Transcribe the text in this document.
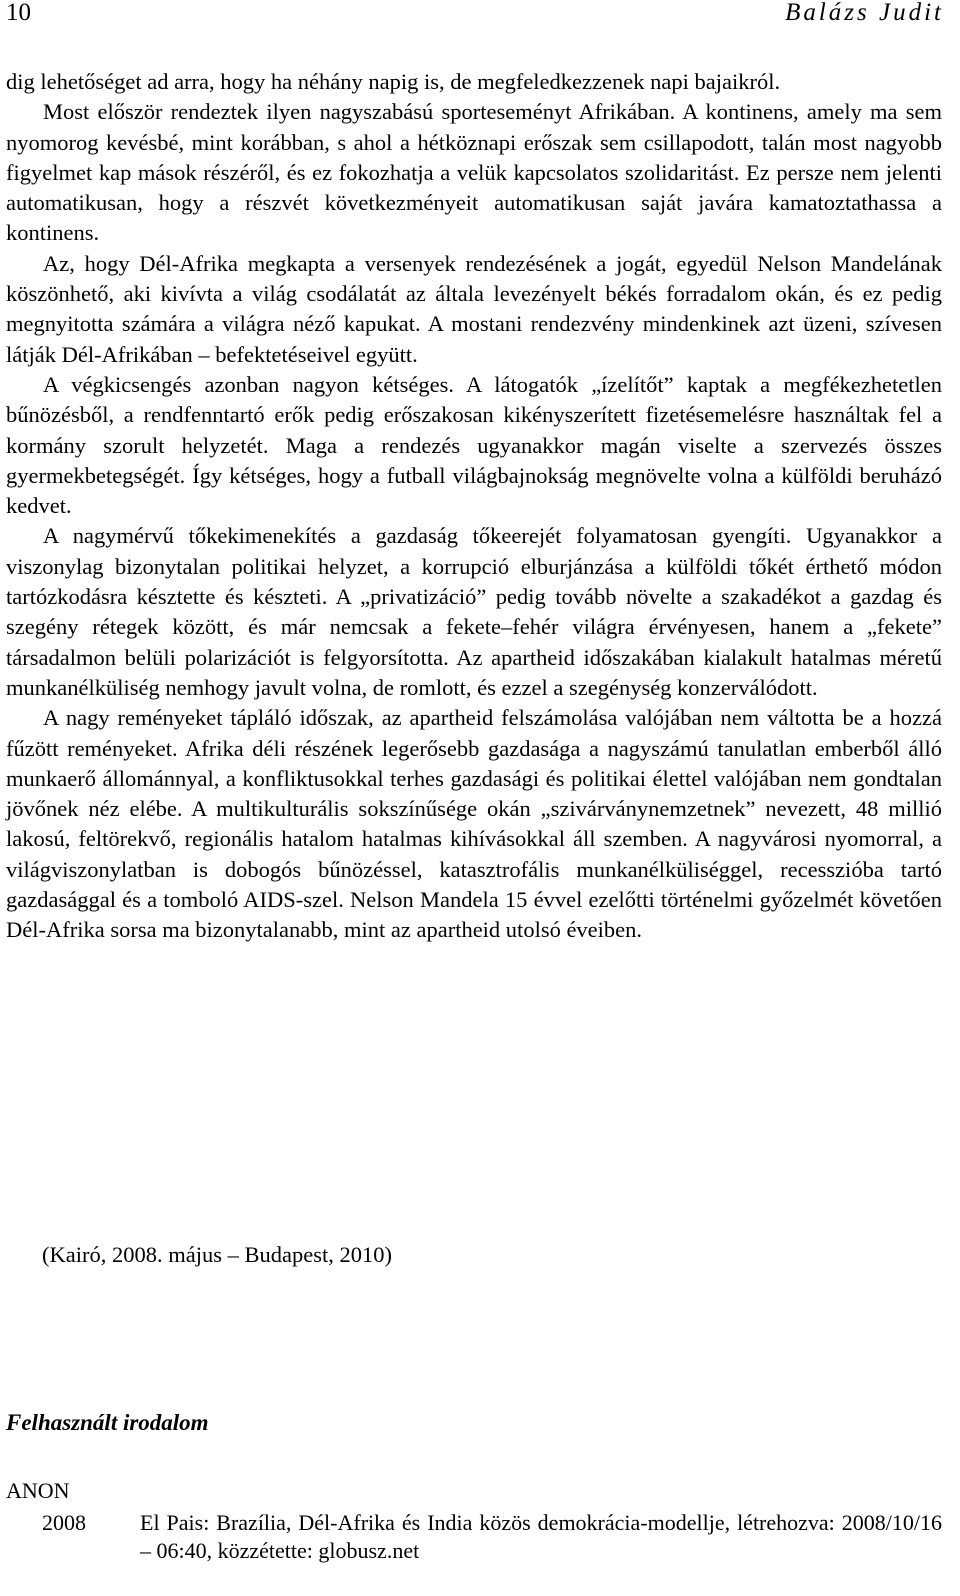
10	Balázs Judit

dig lehetőséget ad arra, hogy ha néhány napig is, de megfeledkezzenek napi bajaikról.

Most először rendeztek ilyen nagyszabású sporteseményt Afrikában. A kontinens, amely ma sem nyomorog kevésbé, mint korábban, s ahol a hétköznapi erőszak sem csillapodott, talán most nagyobb figyelmet kap mások részéről, és ez fokozhatja a velük kapcsolatos szolidaritást. Ez persze nem jelenti automatikusan, hogy a részvét következményeit automatikusan saját javára kamatoztathassa a kontinens.

Az, hogy Dél-Afrika megkapta a versenyek rendezésének a jogát, egyedül Nelson Mandelának köszönhető, aki kivívta a világ csodálatát az általa levezényelt békés forradalom okán, és ez pedig megnyitotta számára a világra néző kapukat. A mostani rendezvény mindenkinek azt üzeni, szívesen látják Dél-Afrikában – befektetéseivel együtt.

A végkicsengés azonban nagyon kétséges. A látogatók „ízelítőt” kaptak a megfékezhetetlen bűnözésből, a rendfenntartó erők pedig erőszakosan kikényszerített fizetésemelésre használtak fel a kormány szorult helyzetét. Maga a rendezés ugyanakkor magán viselte a szervezés összes gyermekbetegségét. Így kétséges, hogy a futball világbajnokság megnövelte volna a külföldi beruházó kedvet.

A nagymérvű tőkekimenekítés a gazdaság tőkeerejét folyamatosan gyengíti. Ugyanakkor a viszonylag bizonytalan politikai helyzet, a korrupció elburjánzása a külföldi tőkét érthető módon tartózkodásra késztette és készteti. A „privatizáció” pedig tovább növelte a szakadékot a gazdag és szegény rétegek között, és már nemcsak a fekete–fehér világra érvényesen, hanem a „fekete” társadalmon belüli polarizációt is felgyorsította. Az apartheid időszakában kialakult hatalmas méretű munkanélküliség nemhogy javult volna, de romlott, és ezzel a szegénység konzerválódott.

A nagy reményeket tápláló időszak, az apartheid felszámolása valójában nem váltotta be a hozzá fűzött reményeket. Afrika déli részének legerősebb gazdasága a nagyszámú tanulatlan emberből álló munkaerő állománnyal, a konfliktusokkal terhes gazdasági és politikai élettel valójában nem gondtalan jövőnek néz elébe. A multikulturális sokszínűsége okán „szivárványnemzetnek” nevezett, 48 millió lakosú, feltörekvő, regionális hatalom hatalmas kihívásokkal áll szemben. A nagyvárosi nyomorral, a világviszonylatban is dobogós bűnözéssel, katasztrofális munkanélküliséggel, recesszióba tartó gazdasággal és a tomboló AIDS-szel. Nelson Mandela 15 évvel ezelőtti történelmi győzelmét követően Dél-Afrika sorsa ma bizonytalanabb, mint az apartheid utolsó éveiben.

(Kairó, 2008. május – Budapest, 2010)
Felhasznált irodalom
ANON
2008 El Pais: Brazília, Dél-Afrika és India közös demokrácia-modellje, létrehozva: 2008/10/16 – 06:40, közzétette: globusz.net
